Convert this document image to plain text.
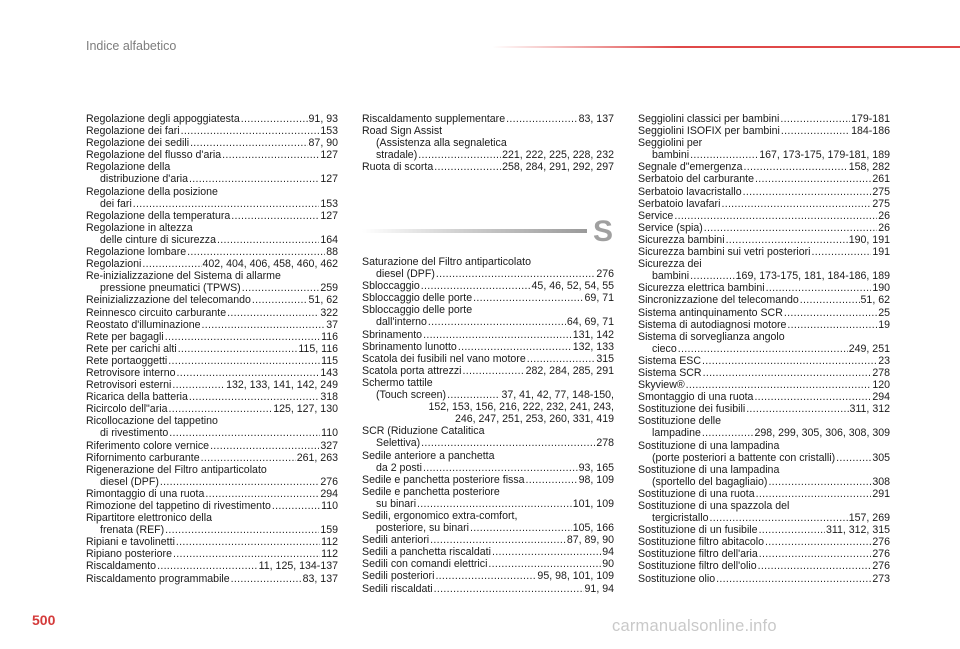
Indice alfabetico
Regolazione degli appoggiatesta .....	91, 93
Regolazione dei fari .....	153
Regolazione dei sedili .....	87, 90
Regolazione del flusso d'aria .....	127
Regolazione della
distribuzione d'aria .....	127
Regolazione della posizione
dei fari .....	153
Regolazione della temperatura .....	127
Regolazione in altezza
delle cinture di sicurezza .....	164
Regolazione lombare .....	88
Regolazioni .....	402, 404, 406, 458, 460, 462
Re-inizializzazione del Sistema di allarme
pressione pneumatici (TPWS) .....	259
Reinizializzazione del telecomando .....	51, 62
Reinnesco circuito carburante .....	322
Reostato d'illuminazione .....	37
Rete per bagagli .....	116
Rete per carichi alti .....	115, 116
Rete portaoggetti .....	115
Retrovisore interno .....	143
Retrovisori esterni .....	132, 133, 141, 142, 249
Ricarica della batteria .....	318
Ricircolo dell"aria .....	125, 127, 130
Ricollocazione del tappetino
di rivestimento .....	110
Riferimento colore vernice .....	327
Rifornimento carburante .....	261, 263
Rigenerazione del Filtro antiparticolato
diesel (DPF) .....	276
Rimontaggio di una ruota .....	294
Rimozione del tappetino di rivestimento .....	110
Ripartitore elettronico della
frenata (REF) .....	159
Ripiani e tavolinetti .....	112
Ripiano posteriore .....	112
Riscaldamento .....	11, 125, 134-137
Riscaldamento programmabile .....	83, 137
Riscaldamento supplementare .....	83, 137
Road Sign Assist
(Assistenza alla segnaletica
stradale) .....	221, 222, 225, 228, 232
Ruota di scorta .....	258, 284, 291, 292, 297
S
Saturazione del Filtro antiparticolato
diesel (DPF) .....	276
Sbloccaggio .....	45, 46, 52, 54, 55
Sbloccaggio delle porte .....	69, 71
Sbloccaggio delle porte
dall'interno .....	64, 69, 71
Sbrinamento .....	131, 142
Sbrinamento lunotto .....	132, 133
Scatola dei fusibili nel vano motore .....	315
Scatola porta attrezzi .....	282, 284, 285, 291
Schermo tattile
(Touch screen) .....	37, 41, 42, 77, 148-150,
152, 153, 156, 216, 222, 232, 241, 243,
246, 247, 251, 253, 260, 331, 419
SCR (Riduzione Catalitica
Selettiva) .....	278
Sedile anteriore a panchetta
da 2 posti .....	93, 165
Sedile e panchetta posteriore fissa .....	98, 109
Sedile e panchetta posteriore
su binari .....	101, 109
Sedili, ergonomico extra-comfort,
posteriore, su binari .....	105, 166
Sedili anteriori .....	87, 89, 90
Sedili a panchetta riscaldati .....	94
Sedili con comandi elettrici .....	90
Sedili posteriori .....	95, 98, 101, 109
Sedili riscaldati .....	91, 94
Seggiolini classici per bambini .....	179-181
Seggiolini ISOFIX per bambini .....	184-186
Seggiolini per
bambini .....	167, 173-175, 179-181, 189
Segnale d"emergenza .....	158, 282
Serbatoio del carburante .....	261
Serbatoio lavacristallo .....	275
Serbatoio lavafari .....	275
Service .....	26
Service (spia) .....	26
Sicurezza bambini .....	190, 191
Sicurezza bambini sui vetri posteriori .....	191
Sicurezza dei
bambini .....	169, 173-175, 181, 184-186, 189
Sicurezza elettrica bambini .....	190
Sincronizzazione del telecomando .....	51, 62
Sistema antinquinamento SCR .....	25
Sistema di autodiagnosi motore .....	19
Sistema di sorveglianza angolo
cieco .....	249, 251
Sistema ESC .....	23
Sistema SCR .....	278
Skyview® .....	120
Smontaggio di una ruota .....	294
Sostituzione dei fusibili .....	311, 312
Sostituzione delle
lampadine .....	298, 299, 305, 306, 308, 309
Sostituzione di una lampadina
(porte posteriori a battente con cristalli) .....	305
Sostituzione di una lampadina
(sportello del bagagliaio) .....	308
Sostituzione di una ruota .....	291
Sostituzione di una spazzola del
tergicristallo .....	157, 269
Sostituzione di un fusibile .....	311, 312, 315
Sostituzione filtro abitacolo .....	276
Sostituzione filtro dell'aria .....	276
Sostituzione filtro dell'olio .....	276
Sostituzione olio .....	273
500	carmanualsonline.info
